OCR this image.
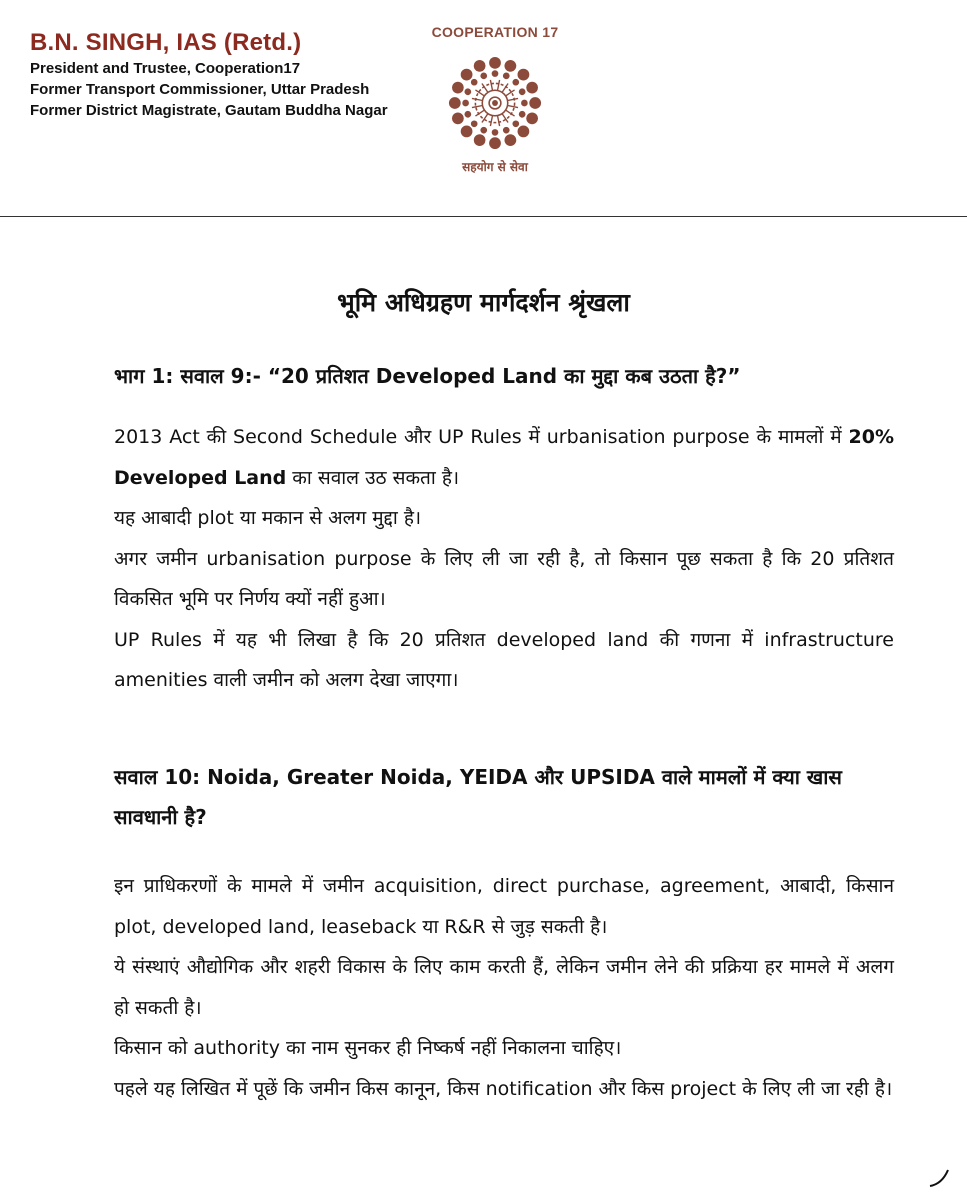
B.N. SINGH, IAS (Retd.)
President and Trustee, Cooperation17
Former Transport Commissioner, Uttar Pradesh
Former District Magistrate, Gautam Buddha Nagar
COOPERATION 17
सहयोग से सेवा
भूमि अधिग्रहण मार्गदर्शन श्रृंखला
भाग 1: सवाल 9:- “20 प्रतिशत Developed Land का मुद्दा कब उठता है?”

2013 Act की Second Schedule और UP Rules में urbanisation purpose के मामलों में 20% Developed Land का सवाल उठ सकता है।

यह आबादी plot या मकान से अलग मुद्दा है।

अगर जमीन urbanisation purpose के लिए ली जा रही है, तो किसान पूछ सकता है कि 20 प्रतिशत विकसित भूमि पर निर्णय क्यों नहीं हुआ।

UP Rules में यह भी लिखा है कि 20 प्रतिशत developed land की गणना में infrastructure amenities वाली जमीन को अलग देखा जाएगा।

सवाल 10: Noida, Greater Noida, YEIDA और UPSIDA वाले मामलों में क्या खास सावधानी है?

इन प्राधिकरणों के मामले में जमीन acquisition, direct purchase, agreement, आबादी, किसान plot, developed land, leaseback या R&R से जुड़ सकती है।

ये संस्थाएं औद्योगिक और शहरी विकास के लिए काम करती हैं, लेकिन जमीन लेने की प्रक्रिया हर मामले में अलग हो सकती है।

किसान को authority का नाम सुनकर ही निष्कर्ष नहीं निकालना चाहिए।

पहले यह लिखित में पूछें कि जमीन किस कानून, किस notification और किस project के लिए ली जा रही है।
